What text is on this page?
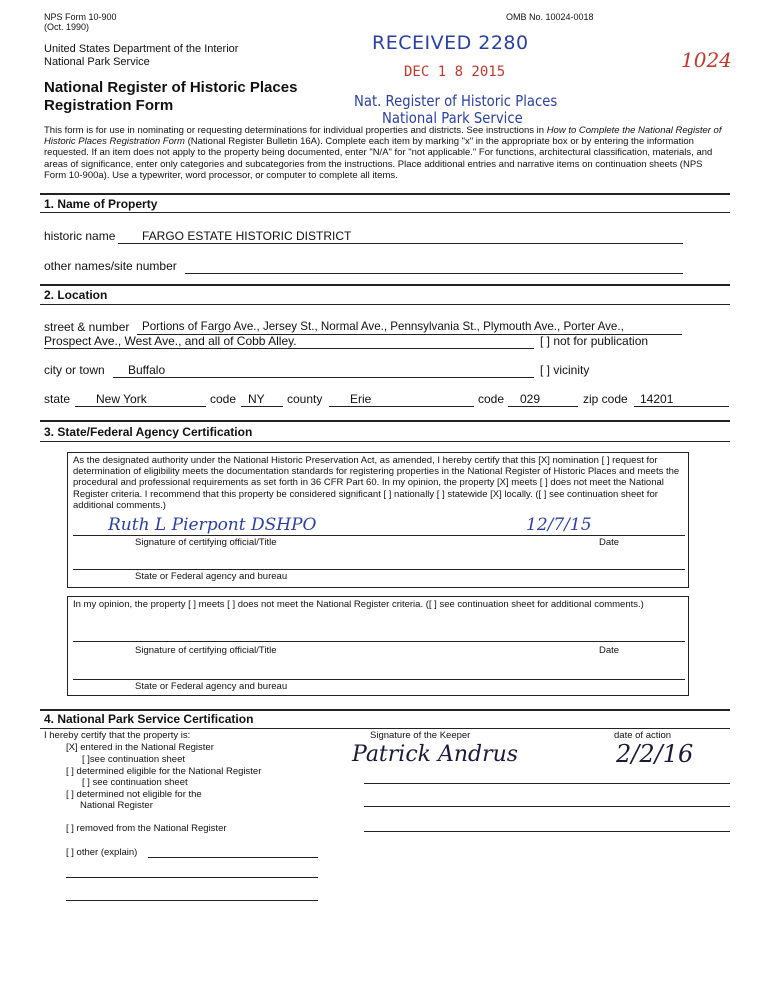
NPS Form 10-900
(Oct. 1990)
OMB No. 10024-0018
United States Department of the Interior
National Park Service
National Register of Historic Places
Registration Form
RECEIVED 2280
DEC 1 8 2015
Nat. Register of Historic Places
National Park Service
1024
This form is for use in nominating or requesting determinations for individual properties and districts. See instructions in How to Complete the National Register of Historic Places Registration Form (National Register Bulletin 16A). Complete each item by marking "x" in the appropriate box or by entering the information requested. If an item does not apply to the property being documented, enter "N/A" for "not applicable." For functions, architectural classification, materials, and areas of significance, enter only categories and subcategories from the instructions. Place additional entries and narrative items on continuation sheets (NPS Form 10-900a). Use a typewriter, word processor, or computer to complete all items.
1. Name of Property
historic name FARGO ESTATE HISTORIC DISTRICT
other names/site number
2. Location
street & number Portions of Fargo Ave., Jersey St., Normal Ave., Pennsylvania St., Plymouth Ave., Porter Ave.,
Prospect Ave., West Ave., and all of Cobb Alley.	[ ] not for publication
city or town Buffalo	[ ] vicinity
state New York	code NY county Erie	code 029	zip code 14201
3. State/Federal Agency Certification
As the designated authority under the National Historic Preservation Act, as amended, I hereby certify that this [X] nomination [ ] request for determination of eligibility meets the documentation standards for registering properties in the National Register of Historic Places and meets the procedural and professional requirements as set forth in 36 CFR Part 60. In my opinion, the property [X] meets [ ] does not meet the National Register criteria. I recommend that this property be considered significant [ ] nationally [ ] statewide [X] locally. ([ ] see continuation sheet for additional comments.)
Ruth L Pierpont DSHPO	12/7/15
Signature of certifying official/Title	Date
State or Federal agency and bureau
In my opinion, the property [ ] meets [ ] does not meet the National Register criteria. ([ ] see continuation sheet for additional comments.)
Signature of certifying official/Title	Date
State or Federal agency and bureau
4. National Park Service Certification
I hereby certify that the property is:
[X] entered in the National Register
[ ]see continuation sheet
[ ] determined eligible for the National Register
[ ] see continuation sheet
[ ] determined not eligible for the
National Register
[ ] removed from the National Register
[ ] other (explain)
Signature of the Keeper	date of action
Patrick Andrus	2/2/16
